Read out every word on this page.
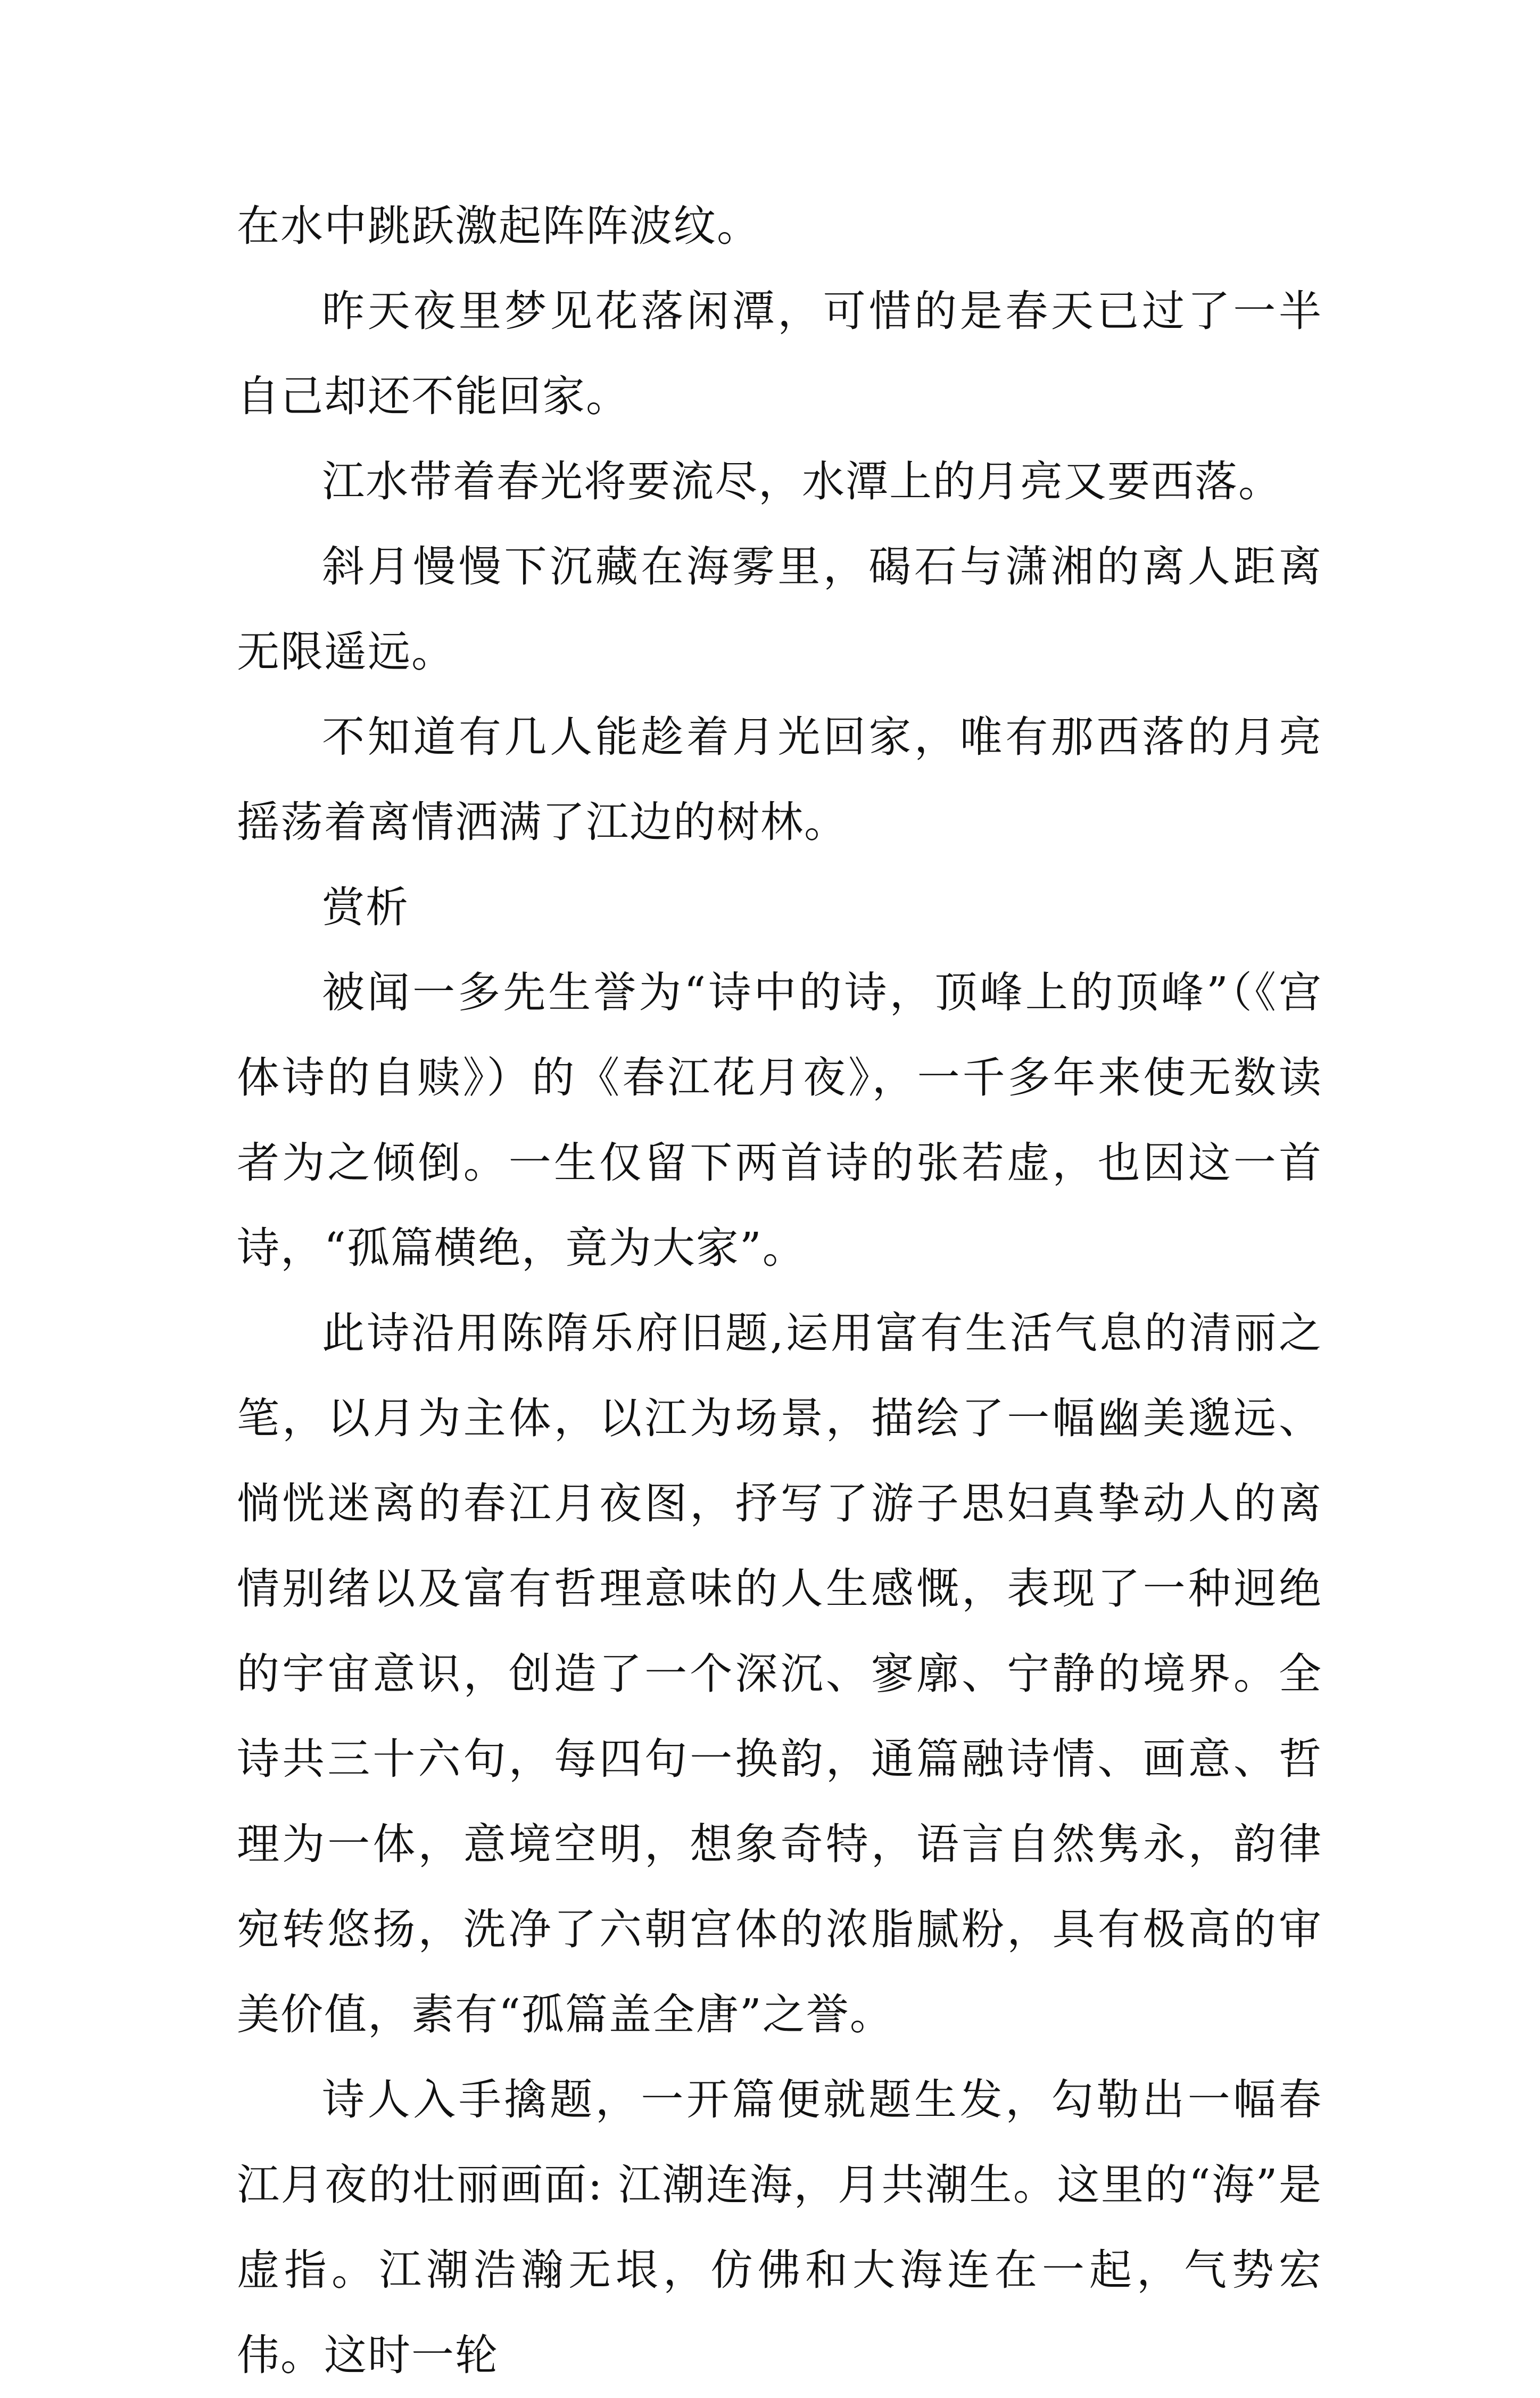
在水中跳跃激起阵阵波纹。

昨天夜里梦见花落闲潭，可惜的是春天已过了一半自己却还不能回家。

江水带着春光将要流尽，水潭上的月亮又要西落。

斜月慢慢下沉藏在海雾里，碣石与潇湘的离人距离无限遥远。

不知道有几人能趁着月光回家，唯有那西落的月亮摇荡着离情洒满了江边的树林。

赏析

被闻一多先生誉为“诗中的诗，顶峰上的顶峰”（《宫体诗的自赎》）的《春江花月夜》，一千多年来使无数读者为之倾倒。一生仅留下两首诗的张若虚，也因这一首诗，“孤篇横绝，竟为大家”。

此诗沿用陈隋乐府旧题,运用富有生活气息的清丽之笔，以月为主体，以江为场景，描绘了一幅幽美邈远、惝恍迷离的春江月夜图，抒写了游子思妇真挚动人的离情别绪以及富有哲理意味的人生感慨，表现了一种迥绝的宇宙意识，创造了一个深沉、寥廓、宁静的境界。全诗共三十六句，每四句一换韵，通篇融诗情、画意、哲理为一体，意境空明，想象奇特，语言自然隽永，韵律宛转悠扬，洗净了六朝宫体的浓脂腻粉，具有极高的审美价值，素有“孤篇盖全唐”之誉。

诗人入手擒题，一开篇便就题生发，勾勒出一幅春江月夜的壮丽画面: 江潮连海，月共潮生。这里的“海”是虚指。江潮浩瀚无垠，仿佛和大海连在一起，气势宏伟。这时一轮
